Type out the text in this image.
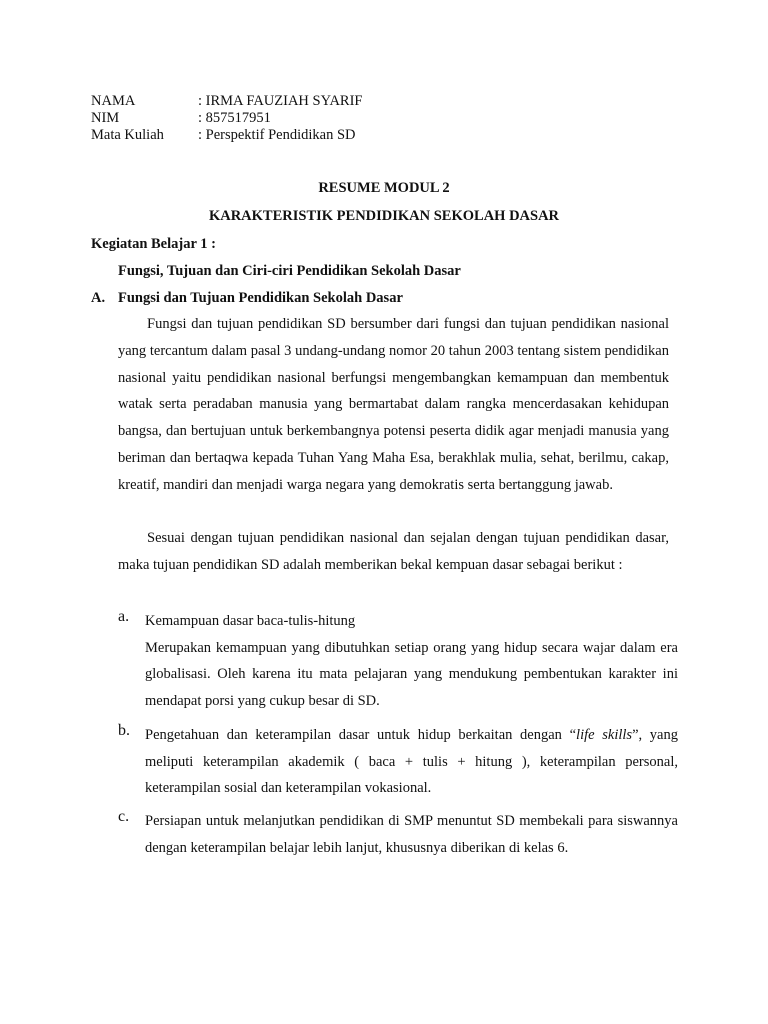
NAMA	: IRMA FAUZIAH SYARIF
NIM	: 857517951
Mata Kuliah	: Perspektif Pendidikan SD
RESUME MODUL 2
KARAKTERISTIK PENDIDIKAN SEKOLAH DASAR
Kegiatan Belajar 1 :
Fungsi, Tujuan dan Ciri-ciri Pendidikan Sekolah Dasar
A. Fungsi dan Tujuan Pendidikan Sekolah Dasar
Fungsi dan tujuan pendidikan SD bersumber dari fungsi dan tujuan pendidikan nasional yang tercantum dalam pasal 3 undang-undang nomor 20 tahun 2003 tentang sistem pendidikan nasional yaitu pendidikan nasional berfungsi mengembangkan kemampuan dan membentuk watak serta peradaban manusia yang bermartabat dalam rangka mencerdasakan kehidupan bangsa, dan bertujuan untuk berkembangnya potensi peserta didik agar menjadi manusia yang beriman dan bertaqwa kepada Tuhan Yang Maha Esa, berakhlak mulia, sehat, berilmu, cakap, kreatif, mandiri dan menjadi warga negara yang demokratis serta bertanggung jawab.
Sesuai dengan tujuan pendidikan nasional dan sejalan dengan tujuan pendidikan dasar, maka tujuan pendidikan SD adalah memberikan bekal kempuan dasar sebagai berikut :
a. Kemampuan dasar baca-tulis-hitung
Merupakan kemampuan yang dibutuhkan setiap orang yang hidup secara wajar dalam era globalisasi. Oleh karena itu mata pelajaran yang mendukung pembentukan karakter ini mendapat porsi yang cukup besar di SD.
b. Pengetahuan dan keterampilan dasar untuk hidup berkaitan dengan “life skills”, yang meliputi keterampilan akademik ( baca + tulis + hitung ), keterampilan personal, keterampilan sosial dan keterampilan vokasional.
c. Persiapan untuk melanjutkan pendidikan di SMP menuntut SD membekali para siswannya dengan keterampilan belajar lebih lanjut, khususnya diberikan di kelas 6.
